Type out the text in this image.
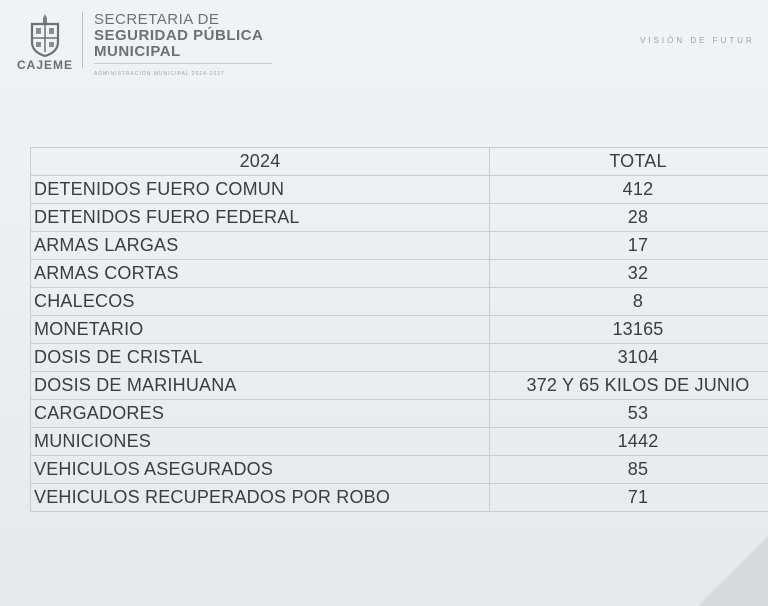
CAJEME
SECRETARIA DE
SEGURIDAD PÚBLICA
MUNICIPAL
ADMINISTRACIÓN MUNICIPAL 2024-2027
VISIÓN DE FUTUR
2024	TOTAL
DETENIDOS FUERO COMUN	412
DETENIDOS FUERO FEDERAL	28
ARMAS LARGAS	17
ARMAS CORTAS	32
CHALECOS	8
MONETARIO	13165
DOSIS DE CRISTAL	3104
DOSIS DE MARIHUANA	372 Y 65 KILOS DE JUNIO
CARGADORES	53
MUNICIONES	1442
VEHICULOS ASEGURADOS	85
VEHICULOS RECUPERADOS POR ROBO	71
